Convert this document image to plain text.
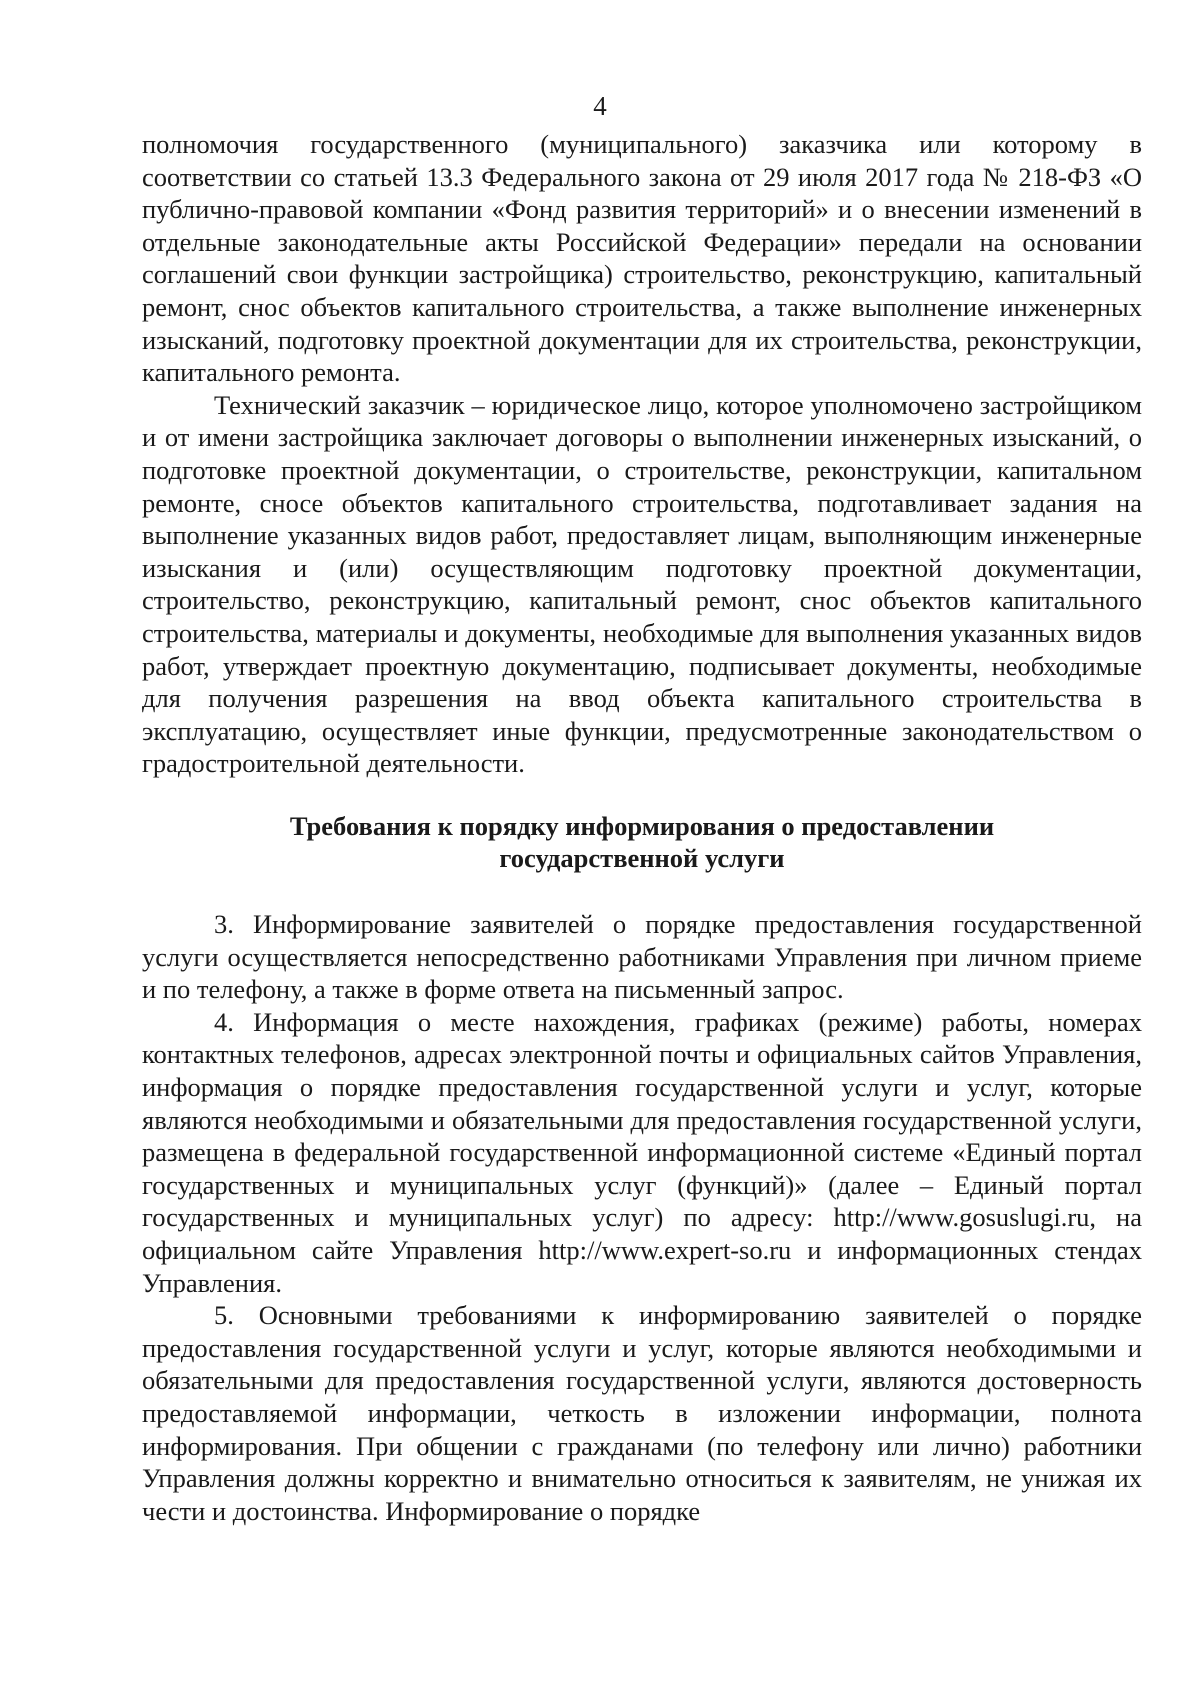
4

полномочия государственного (муниципального) заказчика или которому в соответствии со статьей 13.3 Федерального закона от 29 июля 2017 года № 218-ФЗ «О публично-правовой компании «Фонд развития территорий» и о внесении изменений в отдельные законодательные акты Российской Федерации» передали на основании соглашений свои функции застройщика) строительство, реконструкцию, капитальный ремонт, снос объектов капитального строительства, а также выполнение инженерных изысканий, подготовку проектной документации для их строительства, реконструкции, капитального ремонта.

Технический заказчик – юридическое лицо, которое уполномочено застройщиком и от имени застройщика заключает договоры о выполнении инженерных изысканий, о подготовке проектной документации, о строительстве, реконструкции, капитальном ремонте, сносе объектов капитального строительства, подготавливает задания на выполнение указанных видов работ, предоставляет лицам, выполняющим инженерные изыскания и (или) осуществляющим подготовку проектной документации, строительство, реконструкцию, капитальный ремонт, снос объектов капитального строительства, материалы и документы, необходимые для выполнения указанных видов работ, утверждает проектную документацию, подписывает документы, необходимые для получения разрешения на ввод объекта капитального строительства в эксплуатацию, осуществляет иные функции, предусмотренные законодательством о градостроительной деятельности.

Требования к порядку информирования о предоставлении
государственной услуги

3. Информирование заявителей о порядке предоставления государственной услуги осуществляется непосредственно работниками Управления при личном приеме и по телефону, а также в форме ответа на письменный запрос.

4. Информация о месте нахождения, графиках (режиме) работы, номерах контактных телефонов, адресах электронной почты и официальных сайтов Управления, информация о порядке предоставления государственной услуги и услуг, которые являются необходимыми и обязательными для предоставления государственной услуги, размещена в федеральной государственной информационной системе «Единый портал государственных и муниципальных услуг (функций)» (далее – Единый портал государственных и муниципальных услуг) по адресу: http://www.gosuslugi.ru, на официальном сайте Управления http://www.expert-so.ru и информационных стендах Управления.

5. Основными требованиями к информированию заявителей о порядке предоставления государственной услуги и услуг, которые являются необходимыми и обязательными для предоставления государственной услуги, являются достоверность предоставляемой информации, четкость в изложении информации, полнота информирования. При общении с гражданами (по телефону или лично) работники Управления должны корректно и внимательно относиться к заявителям, не унижая их чести и достоинства. Информирование о порядке
